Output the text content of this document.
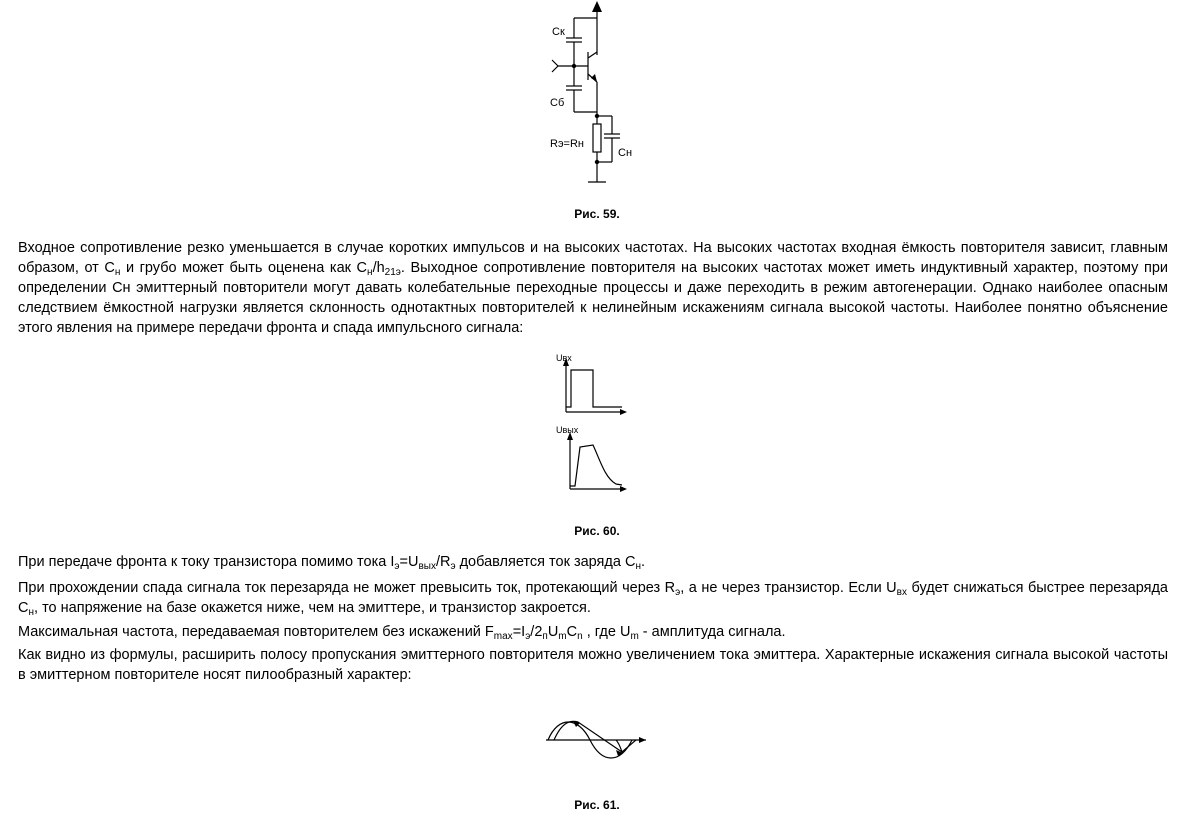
Ск
Сб
Rэ=Rн
Сн

Рис. 59.

Входное сопротивление резко уменьшается в случае коротких импульсов и на высоких частотах. На высоких частотах входная ёмкость повторителя зависит, главным образом, от $C_н$ и грубо может быть оценена как $C_н/h_{21э}$. Выходное сопротивление повторителя на высоких частотах может иметь индуктивный характер, поэтому при определении Сн эмиттерный повторители могут давать колебательные переходные процессы и даже переходить в режим автогенерации. Однако наиболее опасным следствием ёмкостной нагрузки является склонность однотактных повторителей к нелинейным искажениям сигнала высокой частоты. Наиболее понятно объяснение этого явления на примере передачи фронта и спада импульсного сигнала:

Uвх
Uвых

Рис. 60.

При передаче фронта к току транзистора помимо тока $I_э=U_{вых}/R_э$ добавляется ток заряда $C_н$.

При прохождении спада сигнала ток перезаряда не может превысить ток, протекающий через $R_э$, а не через транзистор. Если $U_{вх}$ будет снижаться быстрее перезаряда $C_н$, то напряжение на базе окажется ниже, чем на эмиттере, и транзистор закроется.

Максимальная частота, передаваемая повторителем без искажений $F_{max}=I_э/2_пU_mC_n$ , где $U_m$ - амплитуда сигнала.

Как видно из формулы, расширить полосу пропускания эмиттерного повторителя можно увеличением тока эмиттера. Характерные искажения сигнала высокой частоты в эмиттерном повторителе носят пилообразный характер:

Рис. 61.
